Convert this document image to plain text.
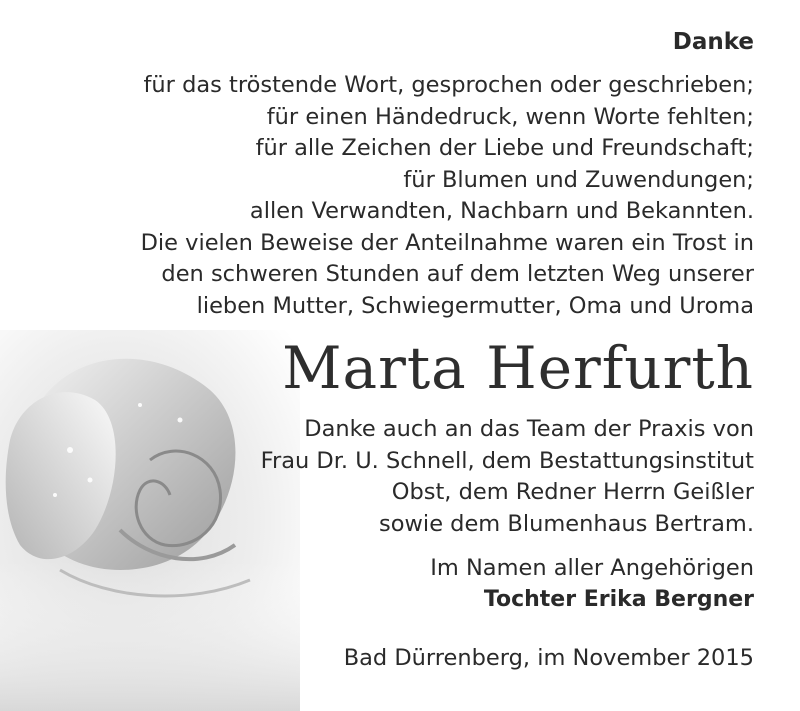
Danke
für das tröstende Wort, gesprochen oder geschrieben;
für einen Händedruck, wenn Worte fehlten;
für alle Zeichen der Liebe und Freundschaft;
für Blumen und Zuwendungen;
allen Verwandten, Nachbarn und Bekannten.
Die vielen Beweise der Anteilnahme waren ein Trost in
den schweren Stunden auf dem letzten Weg unserer
lieben Mutter, Schwiegermutter, Oma und Uroma
Marta Herfurth
Danke auch an das Team der Praxis von
Frau Dr. U. Schnell, dem Bestattungsinstitut
Obst, dem Redner Herrn Geißler
sowie dem Blumenhaus Bertram.
Im Namen aller Angehörigen
Tochter Erika Bergner
Bad Dürrenberg, im November 2015
